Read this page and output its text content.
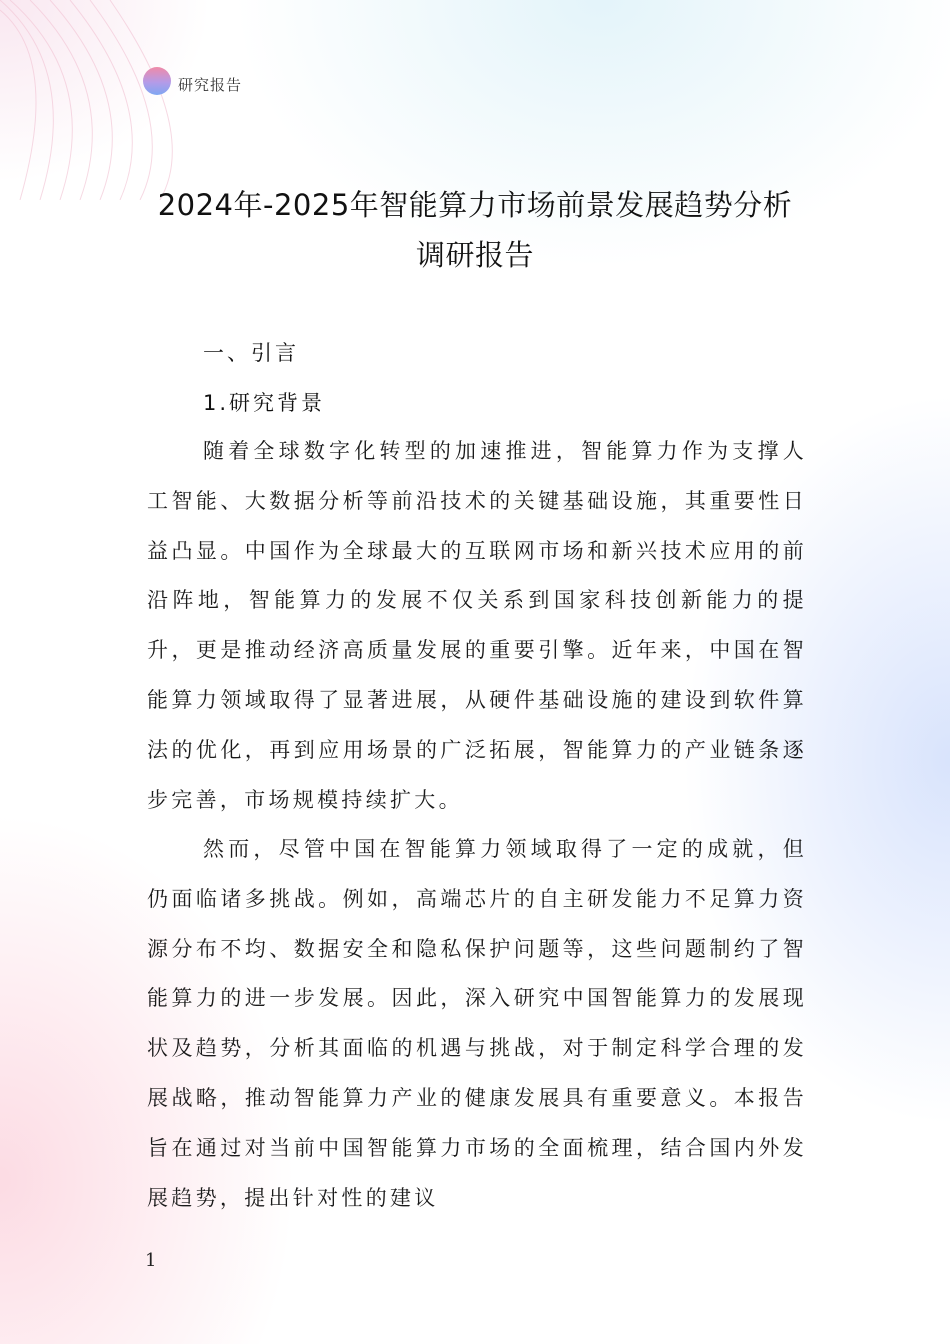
研究报告
2024年-2025年智能算力市场前景发展趋势分析调研报告
一、引言
1.研究背景

随着全球数字化转型的加速推进，智能算力作为支撑人工智能、大数据分析等前沿技术的关键基础设施，其重要性日益凸显。中国作为全球最大的互联网市场和新兴技术应用的前沿阵地，智能算力的发展不仅关系到国家科技创新能力的提升，更是推动经济高质量发展的重要引擎。近年来，中国在智能算力领域取得了显著进展，从硬件基础设施的建设到软件算法的优化，再到应用场景的广泛拓展，智能算力的产业链条逐步完善，市场规模持续扩大。

然而，尽管中国在智能算力领域取得了一定的成就，但仍面临诸多挑战。例如，高端芯片的自主研发能力不足算力资源分布不均、数据安全和隐私保护问题等，这些问题制约了智能算力的进一步发展。因此，深入研究中国智能算力的发展现状及趋势，分析其面临的机遇与挑战，对于制定科学合理的发展战略，推动智能算力产业的健康发展具有重要意义。本报告旨在通过对当前中国智能算力市场的全面梳理，结合国内外发展趋势，提出针对性的建议

1
